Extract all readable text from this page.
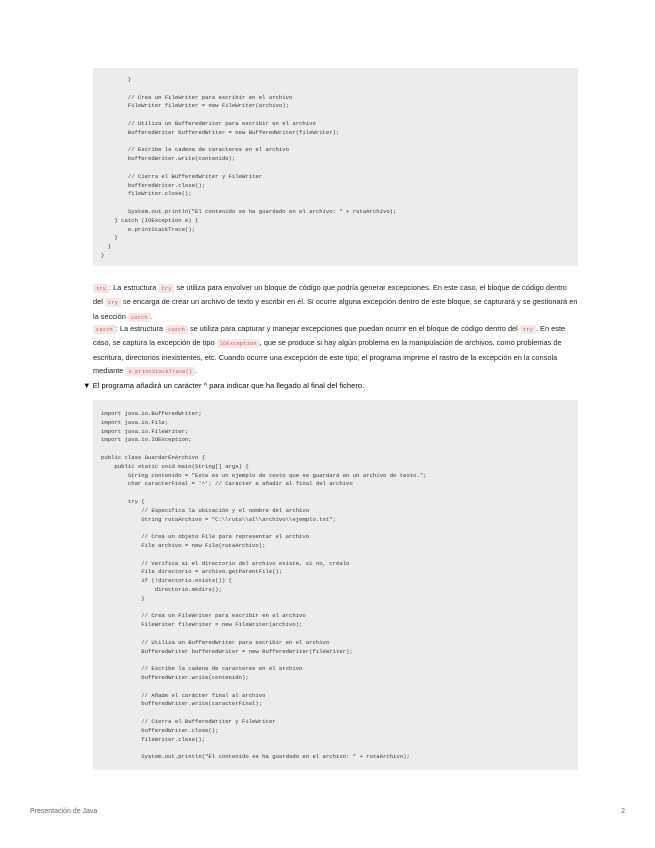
}
// Crea un FileWriter para escribir en el archivo
FileWriter fileWriter = new FileWriter(archivo);
// Utiliza un BufferedWriter para escribir en el archivo
BufferedWriter bufferedWriter = new BufferedWriter(fileWriter);
// Escribe la cadena de caracteres en el archivo
bufferedWriter.write(contenido);
// Cierra el BufferedWriter y FileWriter
bufferedWriter.close();
fileWriter.close();
System.out.println("El contenido se ha guardado en el archivo: " + rutaArchivo);
} catch (IOException e) {
e.printStackTrace();
}
}
}
try : La estructura try se utiliza para envolver un bloque de código que podría generar excepciones. En este caso, el bloque de código dentro del try se encarga de crear un archivo de texto y escribir en él. Si ocurre alguna excepción dentro de este bloque, se capturará y se gestionará en la sección catch .
catch : La estructura catch se utiliza para capturar y manejar excepciones que puedan ocurrir en el bloque de código dentro del try . En este caso, se captura la excepción de tipo IOException , que se produce si hay algún problema en la manipulación de archivos, como problemas de escritura, directorios inexistentes, etc. Cuando ocurre una excepción de este tipo, el programa imprime el rastro de la excepción en la consola mediante e.printStackTrace() .
▼ El programa añadirá un carácter ^ para indicar que ha llegado al final del fichero.
import java.io.BufferedWriter;
import java.io.File;
import java.io.FileWriter;
import java.io.IOException;
public class GuardarEnArchivo {
public static void main(String[] args) {
String contenido = "Este es un ejemplo de texto que se guardará en un archivo de texto.";
char caracterFinal = '^'; // Carácter a añadir al final del archivo
try {
// Especifica la ubicación y el nombre del archivo
String rutaArchivo = "C:\\ruta\\al\\archivo\\ejemplo.txt";
// Crea un objeto File para representar el archivo
File archivo = new File(rutaArchivo);
// Verifica si el directorio del archivo existe, si no, créalo
File directorio = archivo.getParentFile();
if (!directorio.exists()) {
directorio.mkdirs();
}
// Crea un FileWriter para escribir en el archivo
FileWriter fileWriter = new FileWriter(archivo);
// Utiliza un BufferedWriter para escribir en el archivo
BufferedWriter bufferedWriter = new BufferedWriter(fileWriter);
// Escribe la cadena de caracteres en el archivo
bufferedWriter.write(contenido);
// Añade el carácter final al archivo
bufferedWriter.write(caracterFinal);
// Cierra el BufferedWriter y FileWriter
bufferedWriter.close();
fileWriter.close();
System.out.println("El contenido se ha guardado en el archivo: " + rutaArchivo);
Presentación de Java	2
